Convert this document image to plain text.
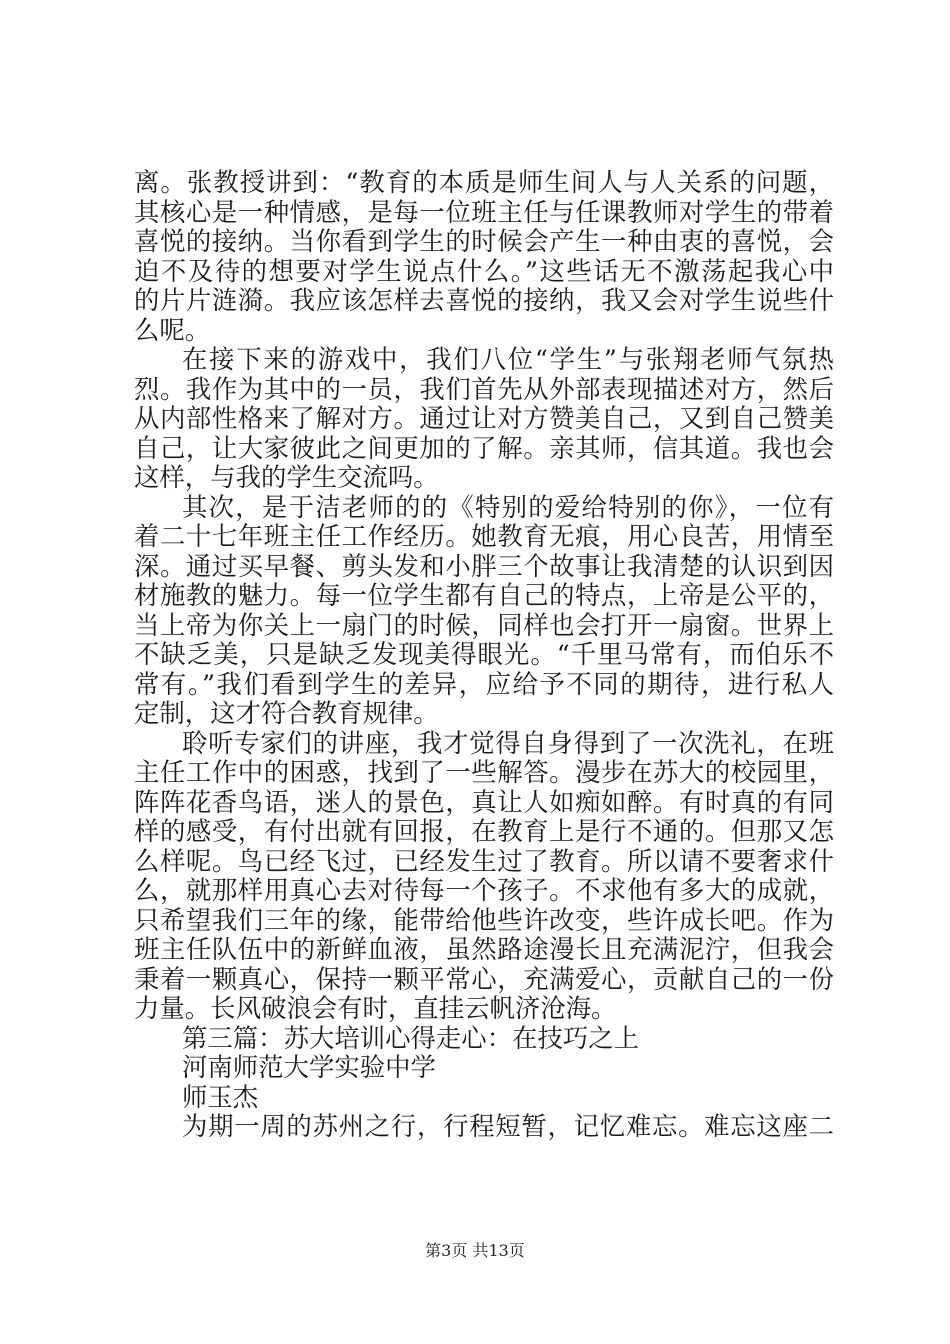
离。张教授讲到：“教育的本质是师生间人与人关系的问题，
其核心是一种情感，是每一位班主任与任课教师对学生的带着
喜悦的接纳。当你看到学生的时候会产生一种由衷的喜悦，会
迫不及待的想要对学生说点什么。”这些话无不激荡起我心中
的片片涟漪。我应该怎样去喜悦的接纳，我又会对学生说些什
么呢。
在接下来的游戏中，我们八位“学生”与张翔老师气氛热
烈。我作为其中的一员，我们首先从外部表现描述对方，然后
从内部性格来了解对方。通过让对方赞美自己，又到自己赞美
自己，让大家彼此之间更加的了解。亲其师，信其道。我也会
这样，与我的学生交流吗。
其次，是于洁老师的的《特别的爱给特别的你》，一位有
着二十七年班主任工作经历。她教育无痕，用心良苦，用情至
深。通过买早餐、剪头发和小胖三个故事让我清楚的认识到因
材施教的魅力。每一位学生都有自己的特点，上帝是公平的，
当上帝为你关上一扇门的时候，同样也会打开一扇窗。世界上
不缺乏美，只是缺乏发现美得眼光。“千里马常有，而伯乐不
常有。”我们看到学生的差异，应给予不同的期待，进行私人
定制，这才符合教育规律。
聆听专家们的讲座，我才觉得自身得到了一次洗礼，在班
主任工作中的困惑，找到了一些解答。漫步在苏大的校园里，
阵阵花香鸟语，迷人的景色，真让人如痴如醉。有时真的有同
样的感受，有付出就有回报，在教育上是行不通的。但那又怎
么样呢。鸟已经飞过，已经发生过了教育。所以请不要奢求什
么，就那样用真心去对待每一个孩子。不求他有多大的成就，
只希望我们三年的缘，能带给他些许改变，些许成长吧。作为
班主任队伍中的新鲜血液，虽然路途漫长且充满泥泞，但我会
秉着一颗真心，保持一颗平常心，充满爱心，贡献自己的一份
力量。长风破浪会有时，直挂云帆济沧海。
第三篇：苏大培训心得走心：在技巧之上
河南师范大学实验中学
师玉杰
为期一周的苏州之行，行程短暂，记忆难忘。难忘这座二
第3页 共13页
